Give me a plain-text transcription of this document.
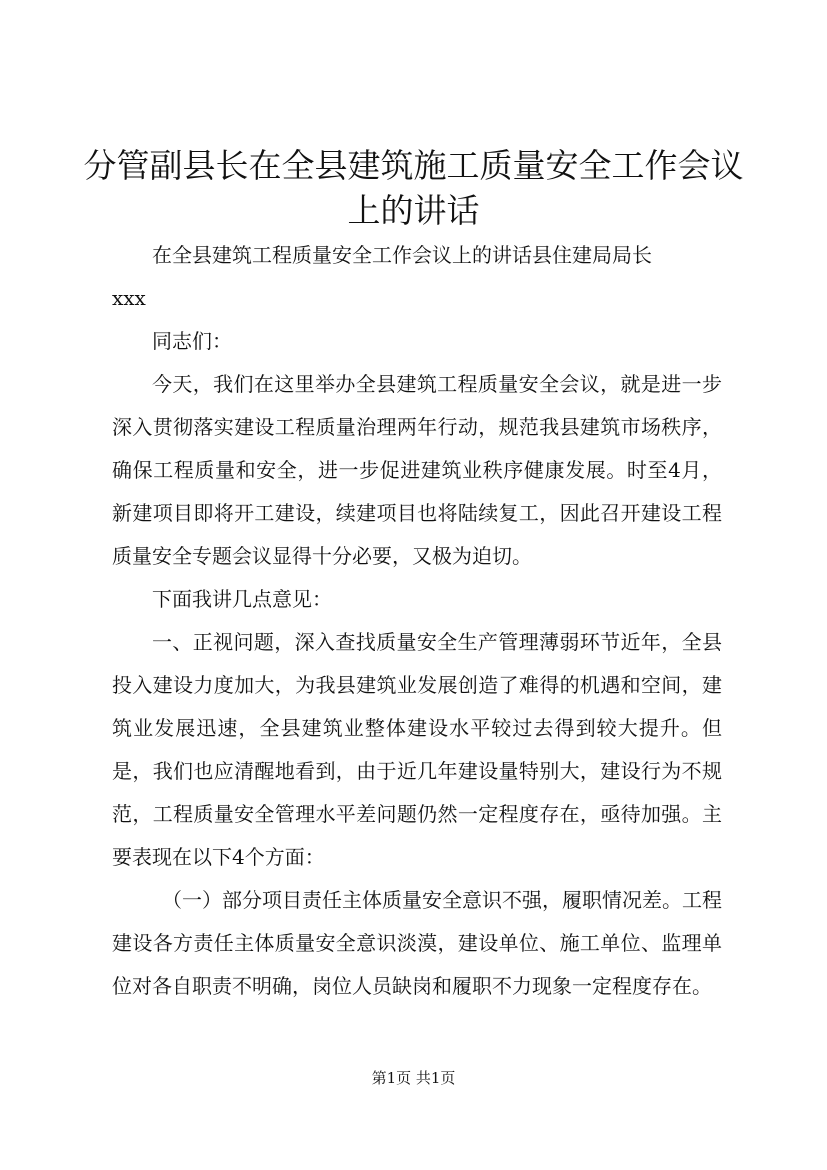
分管副县长在全县建筑施工质量安全工作会议
上的讲话

在全县建筑工程质量安全工作会议上的讲话县住建局局长

xxx

同志们：

今天，我们在这里举办全县建筑工程质量安全会议，就是进一步深入贯彻落实建设工程质量治理两年行动，规范我县建筑市场秩序，确保工程质量和安全，进一步促进建筑业秩序健康发展。时至4月，新建项目即将开工建设，续建项目也将陆续复工，因此召开建设工程质量安全专题会议显得十分必要，又极为迫切。

下面我讲几点意见：

一、正视问题，深入查找质量安全生产管理薄弱环节近年，全县投入建设力度加大，为我县建筑业发展创造了难得的机遇和空间，建筑业发展迅速，全县建筑业整体建设水平较过去得到较大提升。但是，我们也应清醒地看到，由于近几年建设量特别大，建设行为不规范，工程质量安全管理水平差问题仍然一定程度存在，亟待加强。主要表现在以下4个方面：

（一）部分项目责任主体质量安全意识不强，履职情况差。工程建设各方责任主体质量安全意识淡漠，建设单位、施工单位、监理单位对各自职责不明确，岗位人员缺岗和履职不力现象一定程度存在。

第1页 共1页
